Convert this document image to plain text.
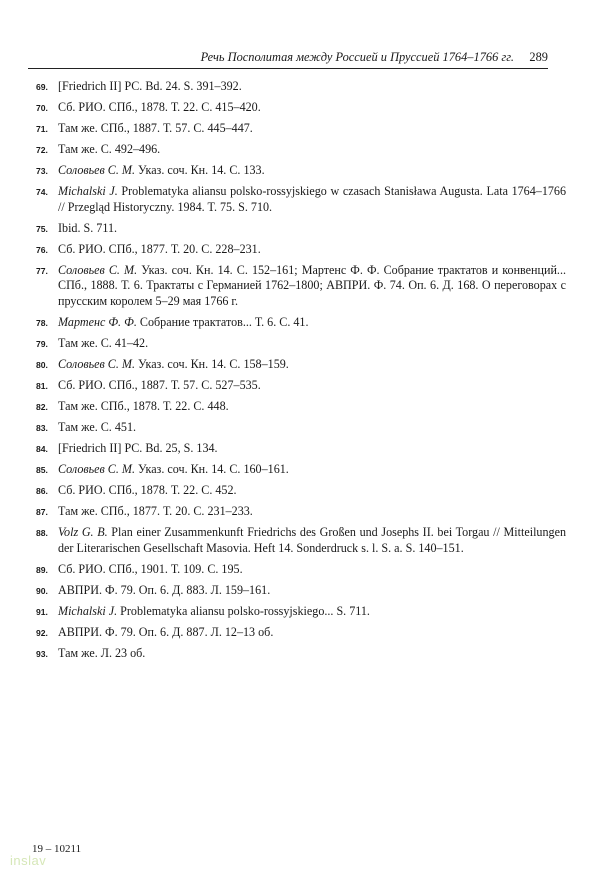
Речь Посполитая между Россией и Пруссией 1764–1766 гг. 289
69. [Friedrich II] PC. Bd. 24. S. 391–392.
70. Сб. РИО. СПб., 1878. Т. 22. С. 415–420.
71. Там же. СПб., 1887. Т. 57. С. 445–447.
72. Там же. С. 492–496.
73. Соловьев С. М. Указ. соч. Кн. 14. С. 133.
74. Michalski J. Problematyka aliansu polsko-rossyjskiego w czasach Stanisława Augusta. Lata 1764–1766 // Przegląd Historyczny. 1984. T. 75. S. 710.
75. Ibid. S. 711.
76. Сб. РИО. СПб., 1877. Т. 20. С. 228–231.
77. Соловьев С. М. Указ. соч. Кн. 14. С. 152–161; Мартенс Ф. Ф. Собрание трактатов и конвенций... СПб., 1888. Т. 6. Трактаты с Германией 1762–1800; АВПРИ. Ф. 74. Оп. 6. Д. 168. О переговорах с прусским королем 5–29 мая 1766 г.
78. Мартенс Ф. Ф. Собрание трактатов... Т. 6. С. 41.
79. Там же. С. 41–42.
80. Соловьев С. М. Указ. соч. Кн. 14. С. 158–159.
81. Сб. РИО. СПб., 1887. Т. 57. С. 527–535.
82. Там же. СПб., 1878. Т. 22. С. 448.
83. Там же. С. 451.
84. [Friedrich II] PC. Bd. 25, S. 134.
85. Соловьев С. М. Указ. соч. Кн. 14. С. 160–161.
86. Сб. РИО. СПб., 1878. Т. 22. С. 452.
87. Там же. СПб., 1877. Т. 20. С. 231–233.
88. Volz G. B. Plan einer Zusammenkunft Friedrichs des Großen und Josephs II. bei Torgau // Mitteilungen der Literarischen Gesellschaft Masovia. Heft 14. Sonderdruck s. l. S. a. S. 140–151.
89. Сб. РИО. СПб., 1901. Т. 109. С. 195.
90. АВПРИ. Ф. 79. Оп. 6. Д. 883. Л. 159–161.
91. Michalski J. Problematyka aliansu polsko-rossyjskiego... S. 711.
92. АВПРИ. Ф. 79. Оп. 6. Д. 887. Л. 12–13 об.
93. Там же. Л. 23 об.
19 – 10211
inslav
